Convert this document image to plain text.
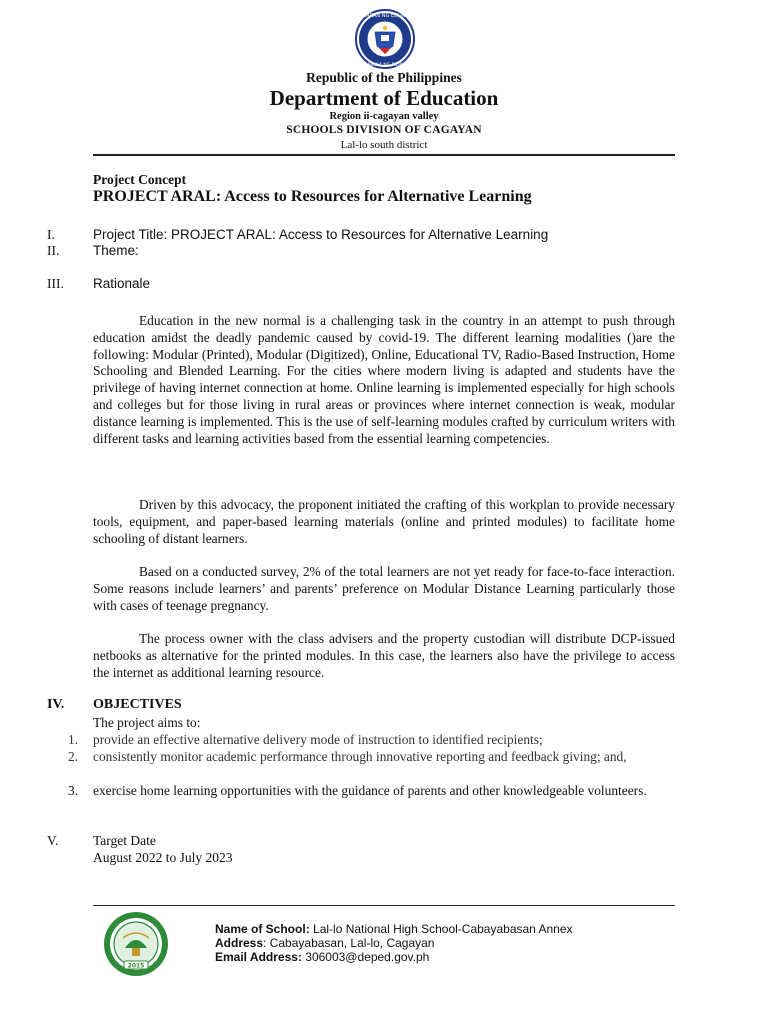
KAGAWARAN NG EDUKASYON
REPUBLIKA NG PILIPINAS
Republic of the Philippines
Department of Education
Region ii-cagayan valley
SCHOOLS DIVISION OF CAGAYAN
Lal-lo south district
Project Concept
PROJECT ARAL: Access to Resources for Alternative Learning
I.	Project Title: PROJECT ARAL: Access to Resources for Alternative Learning
II. Theme:
III. Rationale

Education in the new normal is a challenging task in the country in an attempt to push through education amidst the deadly pandemic caused by covid-19. The different learning modalities ()are the following: Modular (Printed), Modular (Digitized), Online, Educational TV, Radio-Based Instruction, Home Schooling and Blended Learning. For the cities where modern living is adapted and students have the privilege of having internet connection at home. Online learning is implemented especially for high schools and colleges but for those living in rural areas or provinces where internet connection is weak, modular distance learning is implemented. This is the use of self-learning modules crafted by curriculum writers with different tasks and learning activities based from the essential learning competencies.

Driven by this advocacy, the proponent initiated the crafting of this workplan to provide necessary tools, equipment, and paper-based learning materials (online and printed modules) to facilitate home schooling of distant learners.

Based on a conducted survey, 2% of the total learners are not yet ready for face-to-face interaction. Some reasons include learners’ and parents’ preference on Modular Distance Learning particularly those with cases of teenage pregnancy.

The process owner with the class advisers and the property custodian will distribute DCP-issued netbooks as alternative for the printed modules. In this case, the learners also have the privilege to access the internet as additional learning resource.

IV. OBJECTIVES
The project aims to:
1. provide an effective alternative delivery mode of instruction to identified recipients;
2. consistently monitor academic performance through innovative reporting and feedback giving; and,
3. exercise home learning opportunities with the guidance of parents and other knowledgeable volunteers.
V.	Target Date
August 2022 to July 2023
2015
Name of School: Lal-lo National High School-Cabayabasan Annex
Address: Cabayabasan, Lal-lo, Cagayan
Email Address: 306003@deped.gov.ph
